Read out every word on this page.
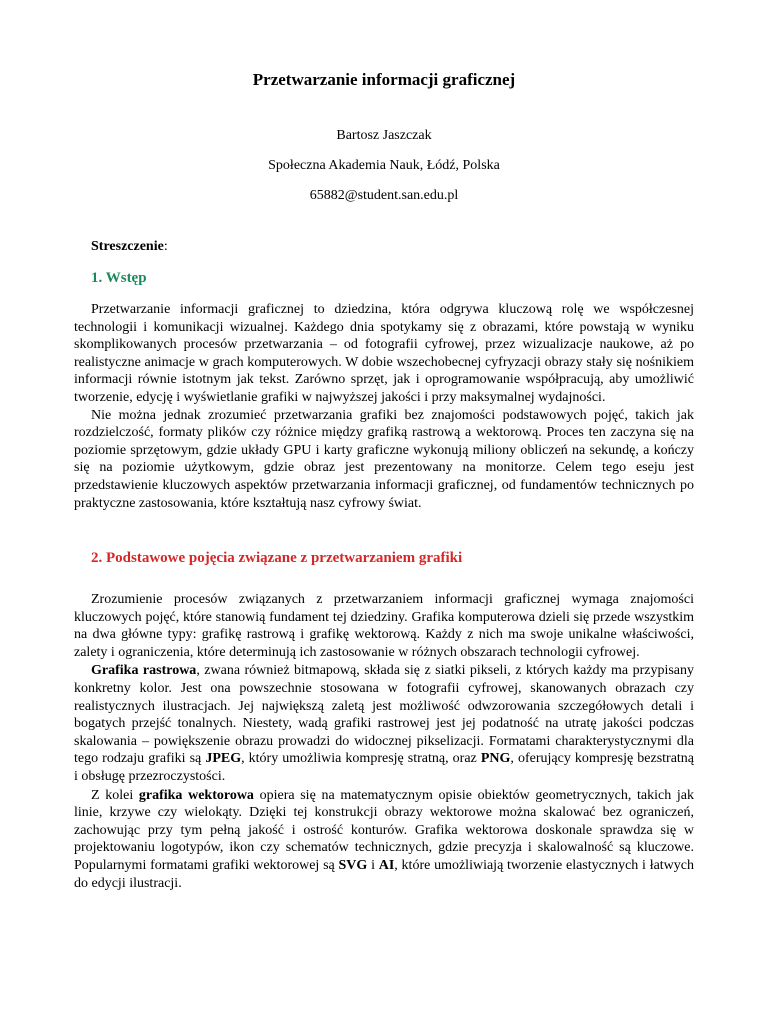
Przetwarzanie informacji graficznej
Bartosz Jaszczak
Społeczna Akademia Nauk, Łódź, Polska
65882@student.san.edu.pl
Streszczenie:
1. Wstęp

Przetwarzanie informacji graficznej to dziedzina, która odgrywa kluczową rolę we współczesnej technologii i komunikacji wizualnej. Każdego dnia spotykamy się z obrazami, które powstają w wyniku skomplikowanych procesów przetwarzania – od fotografii cyfrowej, przez wizualizacje naukowe, aż po realistyczne animacje w grach komputerowych. W dobie wszechobecnej cyfryzacji obrazy stały się nośnikiem informacji równie istotnym jak tekst. Zarówno sprzęt, jak i oprogramowanie współpracują, aby umożliwić tworzenie, edycję i wyświetlanie grafiki w najwyższej jakości i przy maksymalnej wydajności.

Nie można jednak zrozumieć przetwarzania grafiki bez znajomości podstawowych pojęć, takich jak rozdzielczość, formaty plików czy różnice między grafiką rastrową a wektorową. Proces ten zaczyna się na poziomie sprzętowym, gdzie układy GPU i karty graficzne wykonują miliony obliczeń na sekundę, a kończy się na poziomie użytkowym, gdzie obraz jest prezentowany na monitorze. Celem tego eseju jest przedstawienie kluczowych aspektów przetwarzania informacji graficznej, od fundamentów technicznych po praktyczne zastosowania, które kształtują nasz cyfrowy świat.

2. Podstawowe pojęcia związane z przetwarzaniem grafiki

Zrozumienie procesów związanych z przetwarzaniem informacji graficznej wymaga znajomości kluczowych pojęć, które stanowią fundament tej dziedziny. Grafika komputerowa dzieli się przede wszystkim na dwa główne typy: grafikę rastrową i grafikę wektorową. Każdy z nich ma swoje unikalne właściwości, zalety i ograniczenia, które determinują ich zastosowanie w różnych obszarach technologii cyfrowej.

Grafika rastrowa, zwana również bitmapową, składa się z siatki pikseli, z których każdy ma przypisany konkretny kolor. Jest ona powszechnie stosowana w fotografii cyfrowej, skanowanych obrazach czy realistycznych ilustracjach. Jej największą zaletą jest możliwość odwzorowania szczegółowych detali i bogatych przejść tonalnych. Niestety, wadą grafiki rastrowej jest jej podatność na utratę jakości podczas skalowania – powiększenie obrazu prowadzi do widocznej pikselizacji. Formatami charakterystycznymi dla tego rodzaju grafiki są JPEG, który umożliwia kompresję stratną, oraz PNG, oferujący kompresję bezstratną i obsługę przezroczystości.

Z kolei grafika wektorowa opiera się na matematycznym opisie obiektów geometrycznych, takich jak linie, krzywe czy wielokąty. Dzięki tej konstrukcji obrazy wektorowe można skalować bez ograniczeń, zachowując przy tym pełną jakość i ostrość konturów. Grafika wektorowa doskonale sprawdza się w projektowaniu logotypów, ikon czy schematów technicznych, gdzie precyzja i skalowalność są kluczowe. Popularnymi formatami grafiki wektorowej są SVG i AI, które umożliwiają tworzenie elastycznych i łatwych do edycji ilustracji.
